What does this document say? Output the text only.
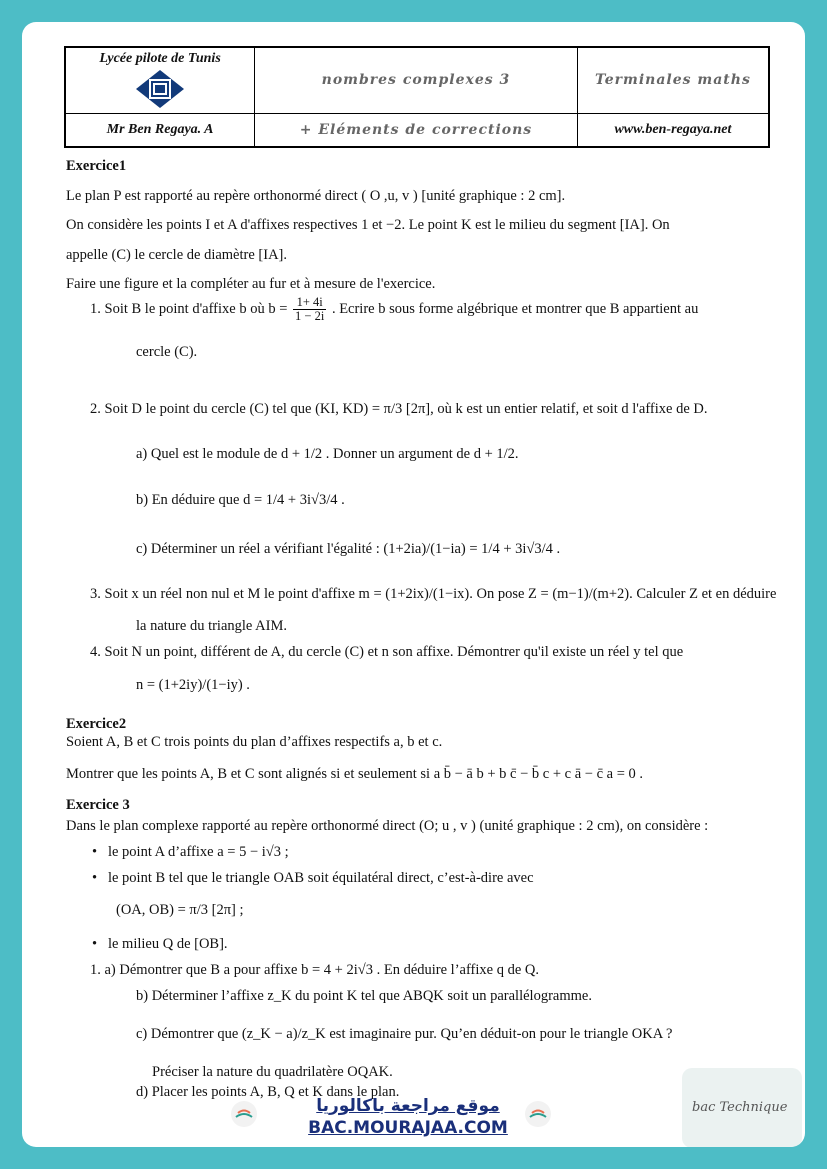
Lycée pilote de Tunis	nombres complexes 3	Terminales maths
Mr Ben Regaya. A	+ Eléments de corrections	www.ben-regaya.net
Exercice1
Le plan P est rapporté au repère orthonormé direct ( O ,u, v ) [unité graphique : 2 cm].
On considère les points I et A d'affixes respectives 1 et −2. Le point K est le milieu du segment [IA]. On
appelle (C) le cercle de diamètre [IA].
Faire une figure et la compléter au fur et à mesure de l'exercice.
1. Soit B le point d'affixe b où $b = \frac{1+ 4i}{1 - 2i}$ . Ecrire b sous forme algébrique et montrer que B appartient au
cercle (C).
2. Soit D le point du cercle (C) tel que (KI, KD) = π/3 [2π], où k est un entier relatif, et soit d l'affixe de D.
a) Quel est le module de d + 1/2 . Donner un argument de d + 1/2.
b) En déduire que d = 1/4 + 3i√3/4 .
c) Déterminer un réel a vérifiant l'égalité : (1+2ia)/(1−ia) = 1/4 + 3i√3/4 .
3. Soit x un réel non nul et M le point d'affixe m = (1+2ix)/(1−ix). On pose Z = (m−1)/(m+2). Calculer Z et en déduire
la nature du triangle AIM.
4. Soit N un point, différent de A, du cercle (C) et n son affixe. Démontrer qu'il existe un réel y tel que
n = (1+2iy)/(1−iy) .
Exercice2
Soient A, B et C trois points du plan d’affixes respectifs a, b et c.
Montrer que les points A, B et C sont alignés si et seulement si a b̄ − ā b + b c̄ − b̄ c + c ā − c̄ a = 0 .
Exercice 3
Dans le plan complexe rapporté au repère orthonormé direct (O; u , v ) (unité graphique : 2 cm), on considère :
•   le point A d’affixe a = 5 − i√3 ;
•   le point B tel que le triangle OAB soit équilatéral direct, c’est-à-dire avec
(OA, OB) = π/3 [2π] ;
•   le milieu Q de [OB].
1. a) Démontrer que B a pour affixe b = 4 + 2i√3 . En déduire l’affixe q de Q.
b) Déterminer l’affixe z_K du point K tel que ABQK soit un parallélogramme.
c) Démontrer que (z_K − a)/z_K est imaginaire pur. Qu’en déduit-on pour le triangle OKA ?
Préciser la nature du quadrilatère OQAK.
d) Placer les points A, B, Q et K dans le plan.
موقع مراجعة باكالوريا
BAC.MOURAJAA.COM
bac Technique
